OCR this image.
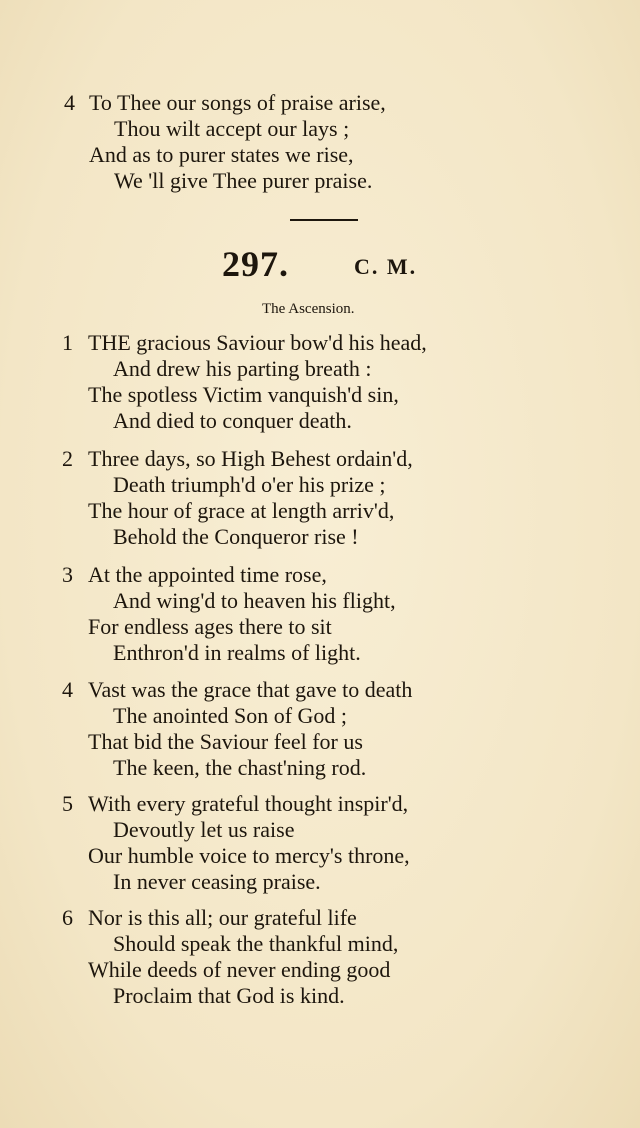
4 To Thee our songs of praise arise,
Thou wilt accept our lays ;
And as to purer states we rise,
We 'll give Thee purer praise.
297.	C. M.
The Ascension.
1 THE gracious Saviour bow'd his head,
And drew his parting breath :
The spotless Victim vanquish'd sin,
And died to conquer death.
2 Three days, so High Behest ordain'd,
Death triumph'd o'er his prize ;
The hour of grace at length arriv'd,
Behold the Conqueror rise !
3 At the appointed time rose,
And wing'd to heaven his flight,
For endless ages there to sit
Enthron'd in realms of light.
4 Vast was the grace that gave to death
The anointed Son of God ;
That bid the Saviour feel for us
The keen, the chast'ning rod.
5 With every grateful thought inspir'd,
Devoutly let us raise
Our humble voice to mercy's throne,
In never ceasing praise.
6 Nor is this all; our grateful life
Should speak the thankful mind,
While deeds of never ending good
Proclaim that God is kind.
